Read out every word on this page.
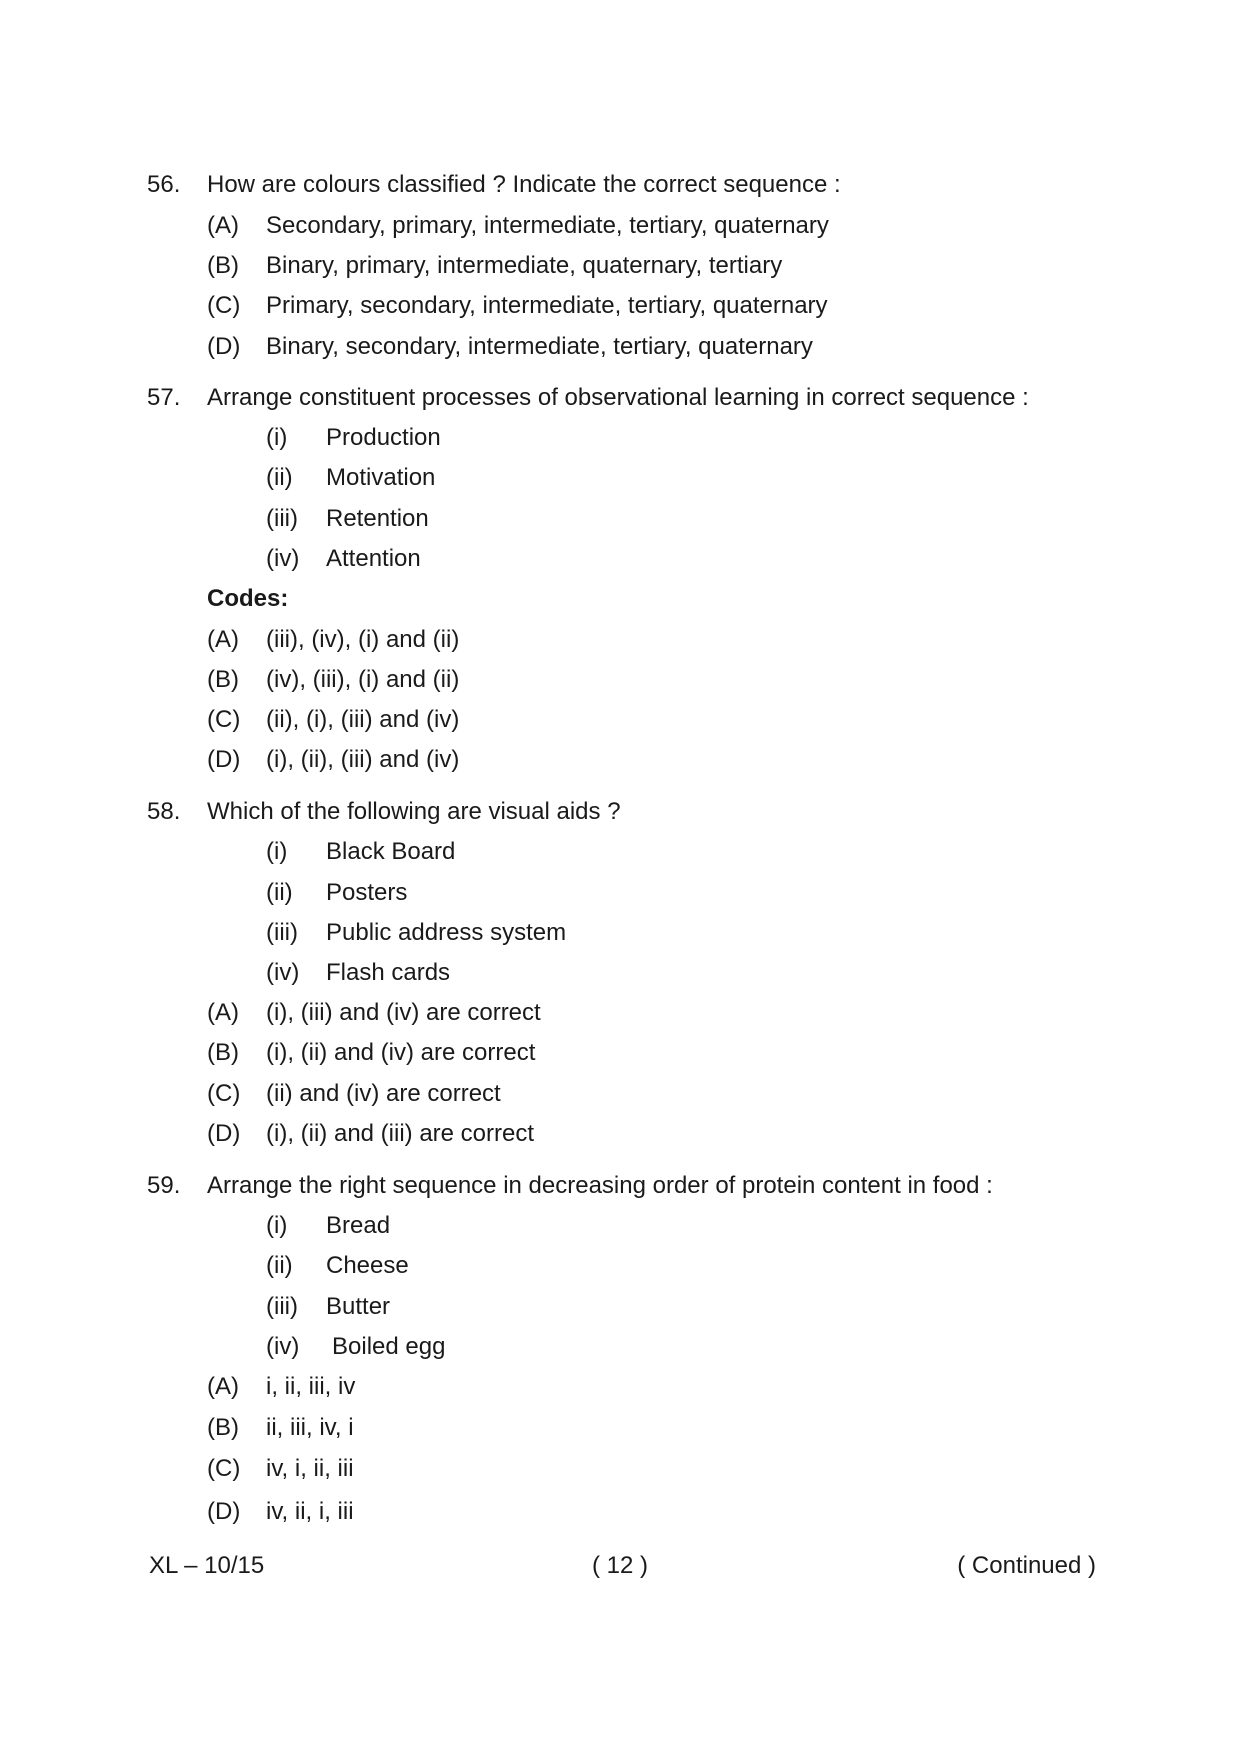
56. How are colours classified ? Indicate the correct sequence :
(A) Secondary, primary, intermediate, tertiary, quaternary
(B) Binary, primary, intermediate, quaternary, tertiary
(C) Primary, secondary, intermediate, tertiary, quaternary
(D) Binary, secondary, intermediate, tertiary, quaternary
57. Arrange constituent processes of observational learning in correct sequence :
(i) Production
(ii) Motivation
(iii) Retention
(iv) Attention
Codes:
(A) (iii), (iv), (i) and (ii)
(B) (iv), (iii), (i) and (ii)
(C) (ii), (i), (iii) and (iv)
(D) (i), (ii), (iii) and (iv)
58. Which of the following are visual aids ?
(i) Black Board
(ii) Posters
(iii) Public address system
(iv) Flash cards
(A) (i), (iii) and (iv) are correct
(B) (i), (ii) and (iv) are correct
(C) (ii) and (iv) are correct
(D) (i), (ii) and (iii) are correct
59. Arrange the right sequence in decreasing order of protein content in food :
(i) Bread
(ii) Cheese
(iii) Butter
(iv) Boiled egg
(A) i, ii, iii, iv
(B) ii, iii, iv, i
(C) iv, i, ii, iii
(D) iv, ii, i, iii
XL – 10/15	( 12 )	( Continued )
